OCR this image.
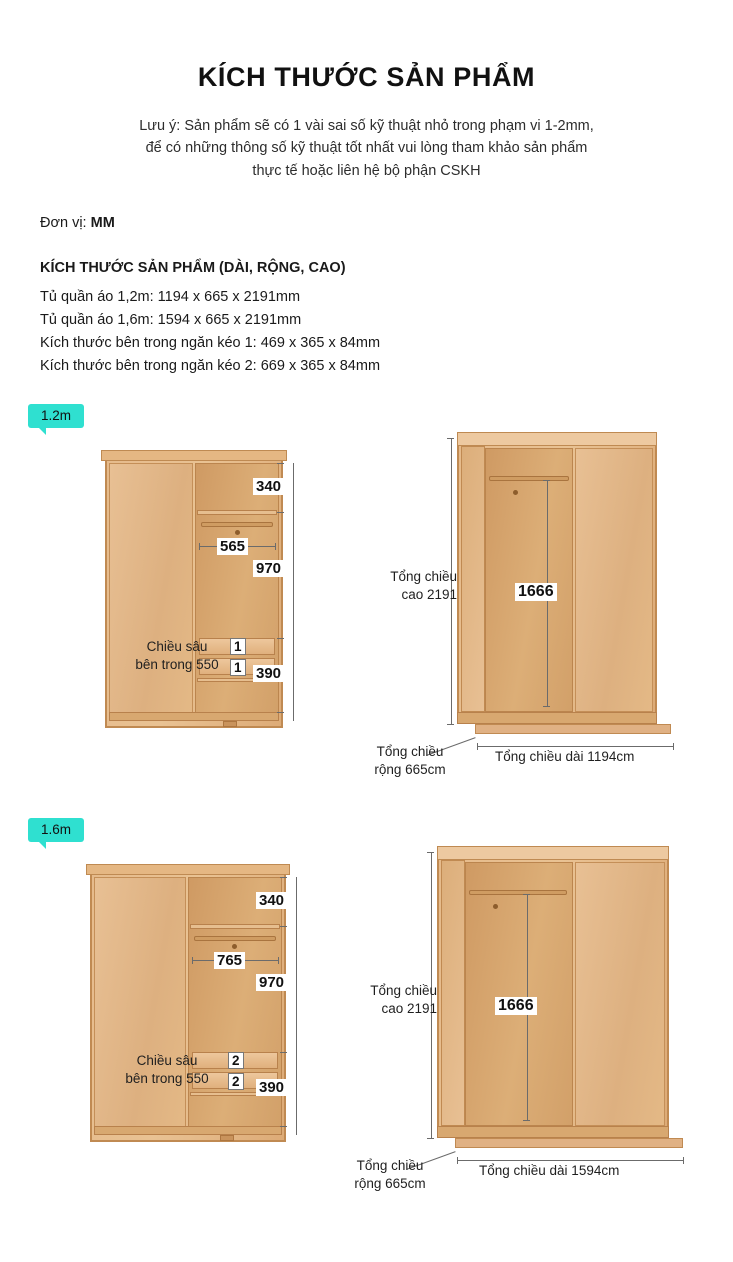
KÍCH THƯỚC SẢN PHẨM
Lưu ý: Sản phẩm sẽ có 1 vài sai số kỹ thuật nhỏ trong phạm vi 1-2mm,
để có những thông số kỹ thuật tốt nhất vui lòng tham khảo sản phẩm
thực tế hoặc liên hệ bộ phận CSKH
Đơn vị: MM
KÍCH THƯỚC SẢN PHẨM (DÀI, RỘNG, CAO)
Tủ quần áo 1,2m: 1194 x 665 x 2191mm
Tủ quần áo 1,6m: 1594 x 665 x 2191mm
Kích thước bên trong ngăn kéo 1: 469 x 365 x 84mm
Kích thước bên trong ngăn kéo 2: 669 x 365 x 84mm
1.2m
1
1
340
970
390
565
Chiều sâu
bên trong 550
1666
Tổng chiều
cao 2191
Tổng chiều
rộng 665cm
Tổng chiều dài 1194cm
1.6m
2
2
340
970
390
765
Chiều sâu
bên trong 550
1666
Tổng chiều
cao 2191
Tổng chiều
rộng 665cm
Tổng chiều dài 1594cm
